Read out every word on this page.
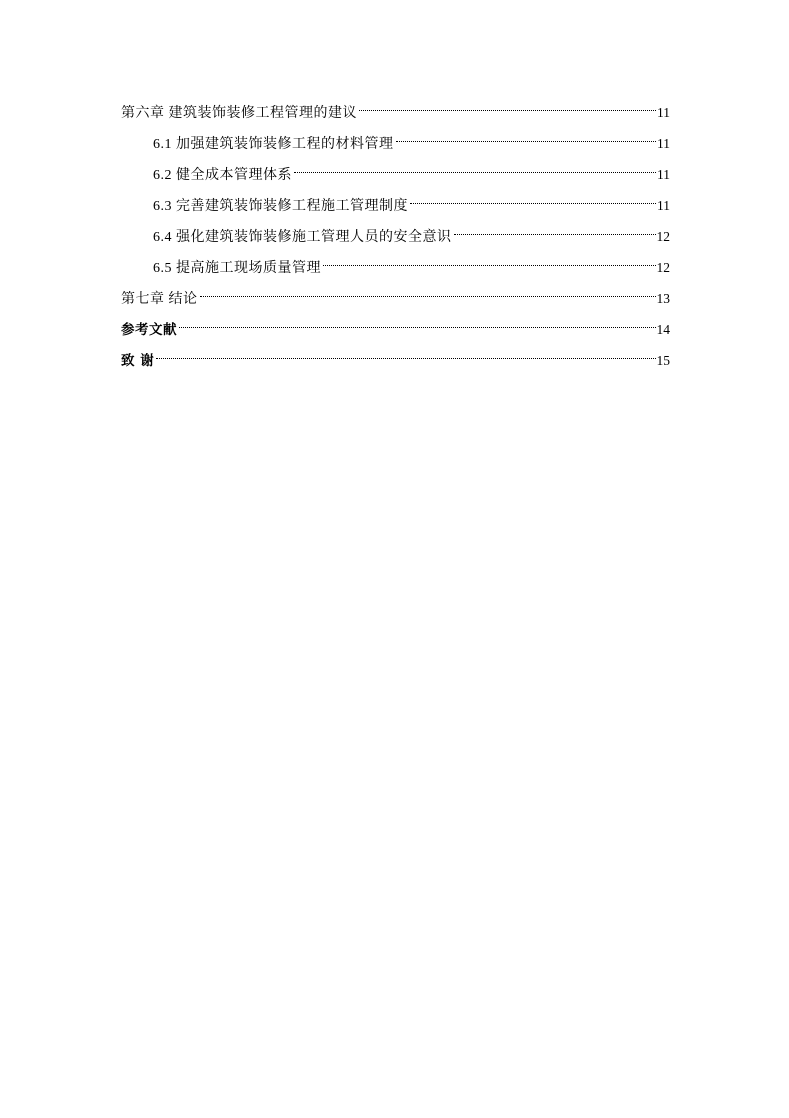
第六章 建筑装饰装修工程管理的建议	11
6.1 加强建筑装饰装修工程的材料管理	11
6.2 健全成本管理体系	11
6.3 完善建筑装饰装修工程施工管理制度	11
6.4 强化建筑装饰装修施工管理人员的安全意识	12
6.5 提高施工现场质量管理	12
第七章 结论	13
参考文献	14
致 谢	15
